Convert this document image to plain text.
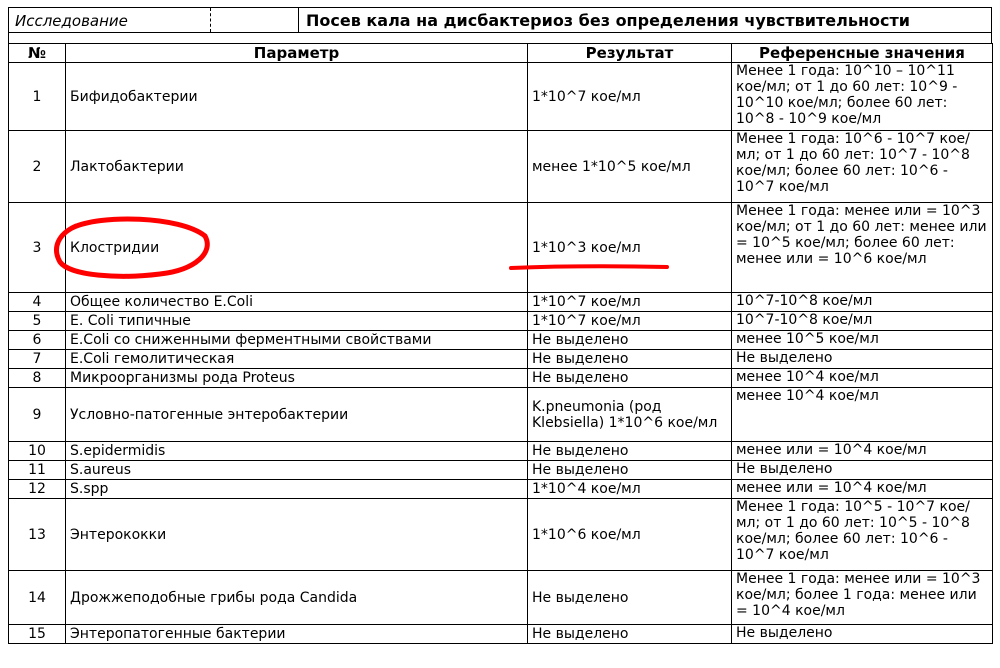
Исследование	Посев кала на дисбактериоз без определения чувствительности
№	Параметр	Результат	Референсные значения
1	Бифидобактерии	1*10^7 кое/мл	Менее 1 года: 10^10 – 10^11 кое/мл; от 1 до 60 лет: 10^9 - 10^10 кое/мл; более 60 лет: 10^8 - 10^9 кое/мл
2	Лактобактерии	менее 1*10^5 кое/мл	Менее 1 года: 10^6 - 10^7 кое/мл; от 1 до 60 лет: 10^7 - 10^8 кое/мл; более 60 лет: 10^6 - 10^7 кое/мл
3	Клостридии	1*10^3 кое/мл	Менее 1 года: менее или = 10^3 кое/мл; от 1 до 60 лет: менее или = 10^5 кое/мл; более 60 лет: менее или = 10^6 кое/мл
4	Общее количество E.Coli	1*10^7 кое/мл	10^7-10^8 кое/мл
5	E. Coli типичные	1*10^7 кое/мл	10^7-10^8 кое/мл
6	E.Coli со сниженными ферментными свойствами	Не выделено	менее 10^5 кое/мл
7	E.Coli гемолитическая	Не выделено	Не выделено
8	Микроорганизмы рода Proteus	Не выделено	менее 10^4 кое/мл
9	Условно-патогенные энтеробактерии	K.pneumonia (род Klebsiella) 1*10^6 кое/мл	менее 10^4 кое/мл
10	S.epidermidis	Не выделено	менее или = 10^4 кое/мл
11	S.aureus	Не выделено	Не выделено
12	S.spp	1*10^4 кое/мл	менее или = 10^4 кое/мл
13	Энтерококки	1*10^6 кое/мл	Менее 1 года: 10^5 - 10^7 кое/мл; от 1 до 60 лет: 10^5 - 10^8 кое/мл; более 60 лет: 10^6 - 10^7 кое/мл
14	Дрожжеподобные грибы рода Candida	Не выделено	Менее 1 года: менее или = 10^3 кое/мл; более 1 года: менее или = 10^4 кое/мл
15	Энтеропатогенные бактерии	Не выделено	Не выделено
